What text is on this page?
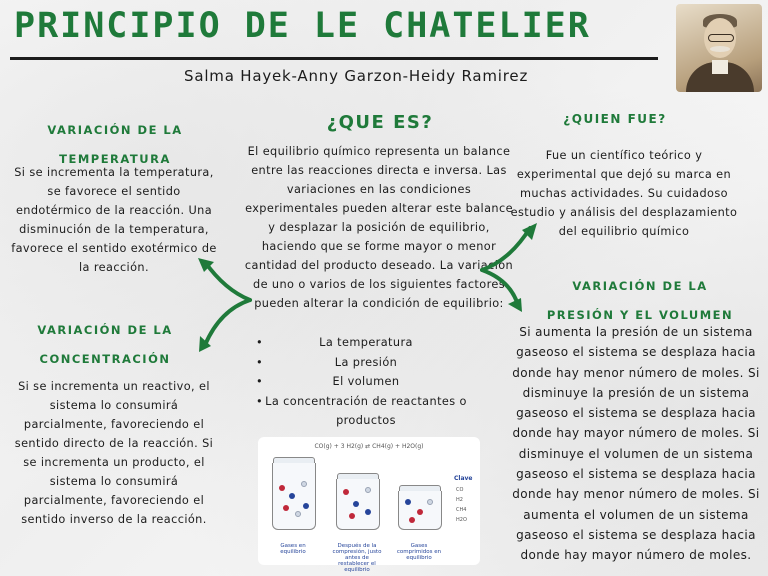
PRINCIPIO DE LE CHATELIER
Salma Hayek-Anny Garzon-Heidy Ramirez
VARIACIÓN DE LA TEMPERATURA
Si se incrementa la temperatura, se favorece el sentido endotérmico de la reacción. Una disminución de la temperatura, favorece el sentido exotérmico de la reacción.
VARIACIÓN DE LA CONCENTRACIÓN
Si se incrementa un reactivo, el sistema lo consumirá parcialmente, favoreciendo el sentido directo de la reacción. Si se incrementa un producto, el sistema lo consumirá parcialmente, favoreciendo el sentido inverso de la reacción.
¿QUE ES?
El equilibrio químico representa un balance entre las reacciones directa e inversa. Las variaciones en las condiciones experimentales pueden alterar este balance y desplazar la posición de equilibrio, haciendo que se forme mayor o menor cantidad del producto deseado. La variación de uno o varios de los siguientes factores pueden alterar la condición de equilibrio:
• La temperatura
• La presión
• El volumen
• La concentración de reactantes o productos
¿QUIEN FUE?
Fue un científico teórico y experimental que dejó su marca en muchas actividades. Su cuidadoso estudio y análisis del desplazamiento del equilibrio químico
VARIACIÓN DE LA PRESIÓN Y EL VOLUMEN
Si aumenta la presión de un sistema gaseoso el sistema se desplaza hacia donde hay menor número de moles. Si disminuye la presión de un sistema gaseoso el sistema se desplaza hacia donde hay mayor número de moles. Si disminuye el volumen de un sistema gaseoso el sistema se desplaza hacia donde hay menor número de moles. Si aumenta el volumen de un sistema gaseoso el sistema se desplaza hacia donde hay mayor número de moles.
CO(g) + 3 H2(g) ⇄ CH4(g) + H2O(g)
Gases en equilibrio
Después de la compresión, justo antes de restablecer el equilibrio
Gases comprimidos en equilibrio
Clave
CO
H2
CH4
H2O
